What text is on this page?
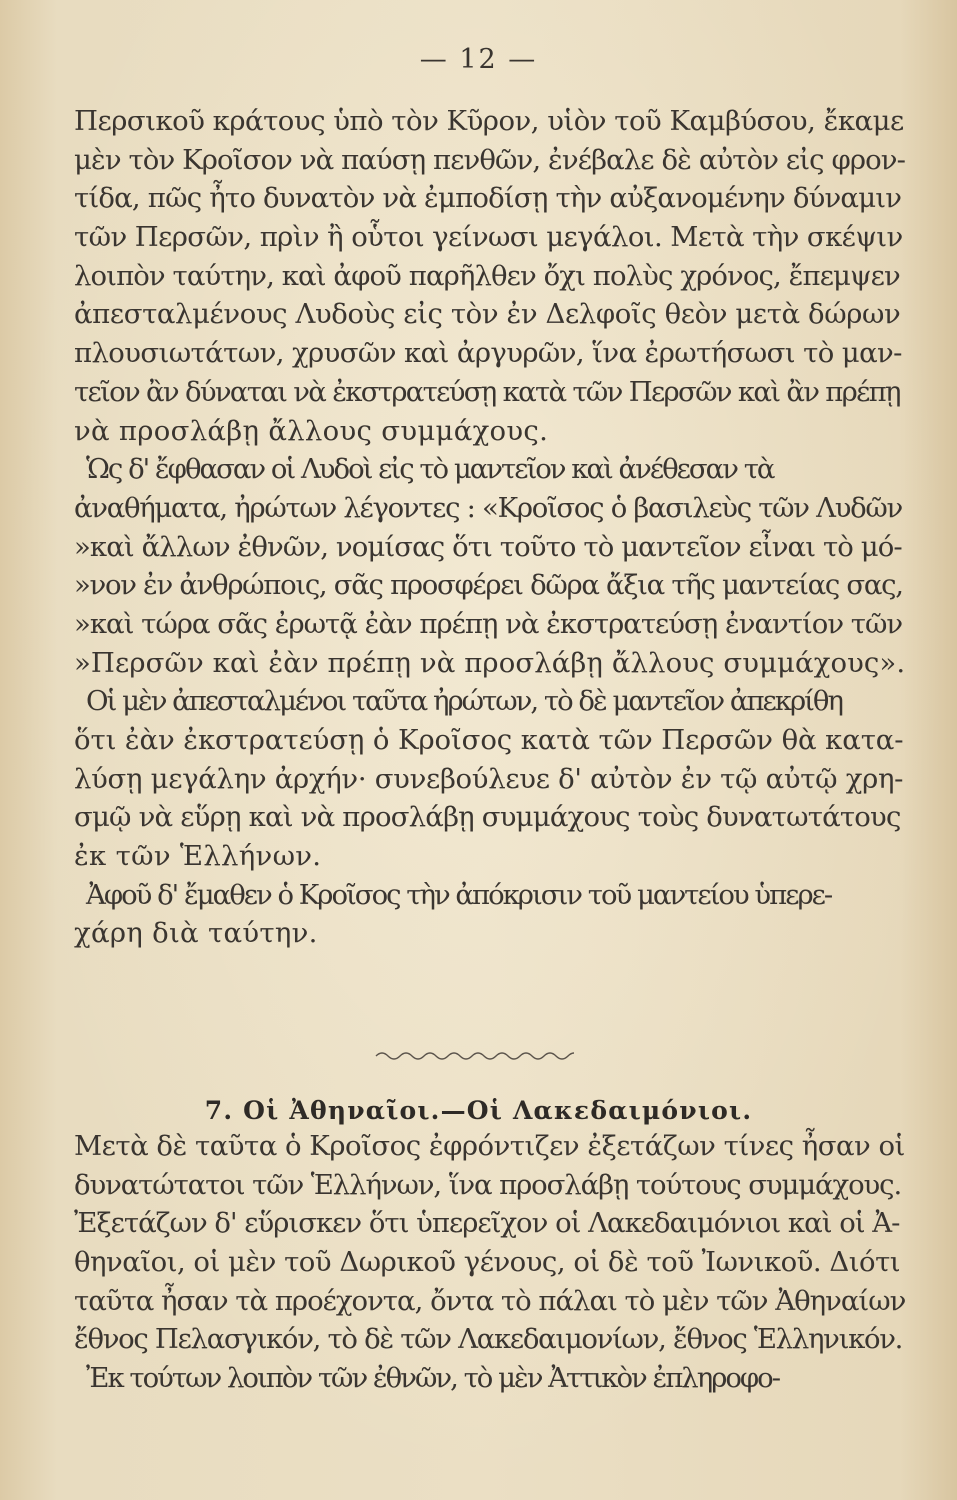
— 12 —
Περσικοῦ κράτους ὑπὸ τὸν Κῦρον, υἱὸν τοῦ Καμβύσου, ἔκαμε
μὲν τὸν Κροῖσον νὰ παύσῃ πενθῶν, ἐνέβαλε δὲ αὐτὸν εἰς φρον-
τίδα, πῶς ἦτο δυνατὸν νὰ ἐμποδίσῃ τὴν αὐξανομένην δύναμιν
τῶν Περσῶν, πρὶν ἢ οὗτοι γείνωσι μεγάλοι. Μετὰ τὴν σκέψιν
λοιπὸν ταύτην, καὶ ἀφοῦ παρῆλθεν ὄχι πολὺς χρόνος, ἔπεμψεν
ἀπεσταλμένους Λυδοὺς εἰς τὸν ἐν Δελφοῖς θεὸν μετὰ δώρων
πλουσιωτάτων, χρυσῶν καὶ ἀργυρῶν, ἵνα ἐρωτήσωσι τὸ μαν-
τεῖον ἂν δύναται νὰ ἐκστρατεύσῃ κατὰ τῶν Περσῶν καὶ ἂν πρέπῃ
νὰ προσλάβῃ ἄλλους συμμάχους.
Ὡς δ' ἔφθασαν οἱ Λυδοὶ εἰς τὸ μαντεῖον καὶ ἀνέθεσαν τὰ
ἀναθήματα, ἠρώτων λέγοντες : «Κροῖσος ὁ βασιλεὺς τῶν Λυδῶν
»καὶ ἄλλων ἐθνῶν, νομίσας ὅτι τοῦτο τὸ μαντεῖον εἶναι τὸ μό-
»νον ἐν ἀνθρώποις, σᾶς προσφέρει δῶρα ἄξια τῆς μαντείας σας,
»καὶ τώρα σᾶς ἐρωτᾷ ἐὰν πρέπῃ νὰ ἐκστρατεύσῃ ἐναντίον τῶν
»Περσῶν καὶ ἐὰν πρέπῃ νὰ προσλάβῃ ἄλλους συμμάχους».
Οἱ μὲν ἀπεσταλμένοι ταῦτα ἠρώτων, τὸ δὲ μαντεῖον ἀπεκρίθη
ὅτι ἐὰν ἐκστρατεύσῃ ὁ Κροῖσος κατὰ τῶν Περσῶν θὰ κατα-
λύσῃ μεγάλην ἀρχήν· συνεβούλευε δ' αὐτὸν ἐν τῷ αὐτῷ χρη-
σμῷ νὰ εὕρῃ καὶ νὰ προσλάβῃ συμμάχους τοὺς δυνατωτάτους
ἐκ τῶν Ἑλλήνων.
Ἀφοῦ δ' ἔμαθεν ὁ Κροῖσος τὴν ἀπόκρισιν τοῦ μαντείου ὑπερε-
χάρη διὰ ταύτην.
7. Οἱ Ἀθηναῖοι.—Οἱ Λακεδαιμόνιοι.
Μετὰ δὲ ταῦτα ὁ Κροῖσος ἐφρόντιζεν ἐξετάζων τίνες ἦσαν οἱ
δυνατώτατοι τῶν Ἑλλήνων, ἵνα προσλάβῃ τούτους συμμάχους.
Ἐξετάζων δ' εὕρισκεν ὅτι ὑπερεῖχον οἱ Λακεδαιμόνιοι καὶ οἱ Ἀ-
θηναῖοι, οἱ μὲν τοῦ Δωρικοῦ γένους, οἱ δὲ τοῦ Ἰωνικοῦ. Διότι
ταῦτα ἦσαν τὰ προέχοντα, ὄντα τὸ πάλαι τὸ μὲν τῶν Ἀθηναίων
ἔθνος Πελασγικόν, τὸ δὲ τῶν Λακεδαιμονίων, ἔθνος Ἑλληνικόν.
Ἐκ τούτων λοιπὸν τῶν ἐθνῶν, τὸ μὲν Ἀττικὸν ἐπληροφο-
